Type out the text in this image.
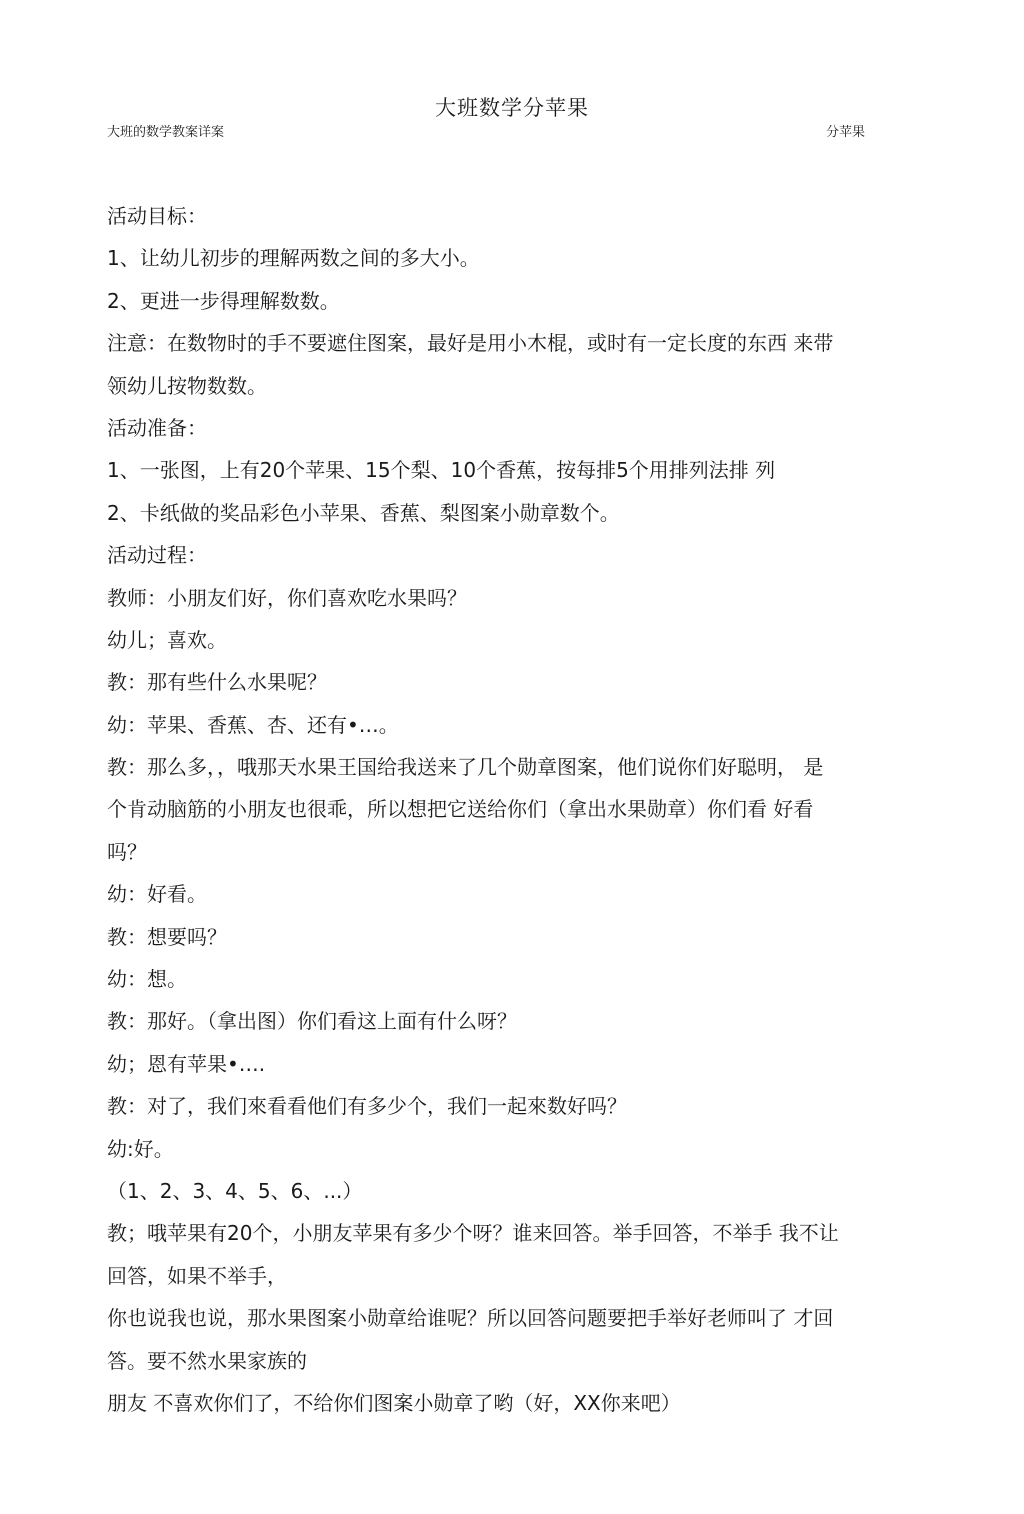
大班数学分苹果
大班的数学教案详案	分苹果
活动目标：
1、让幼儿初步的理解两数之间的多大小。
2、更进一步得理解数数。
注意：在数物时的手不要遮住图案，最好是用小木棍，或时有一定长度的东西 来带
领幼儿按物数数。
活动准备：
1、一张图，上有20个苹果、15个梨、10个香蕉，按每排5个用排列法排 列
2、卡纸做的奖品彩色小苹果、香蕉、梨图案小勋章数个。
活动过程：
教师：小朋友们好，你们喜欢吃水果吗？
幼儿；喜欢。
教：那有些什么水果呢？
幼：苹果、香蕉、杏、还有•…。
教：那么多，，哦那天水果王国给我送来了几个勋章图案，他们说你们好聪明， 是
个肯动脑筋的小朋友也很乖，所以想把它送给你们（拿出水果勋章）你们看 好看
吗？
幼：好看。
教：想要吗？
幼：想。
教：那好。（拿出图）你们看这上面有什么呀？
幼；恩有苹果•….
教：对了，我们來看看他们有多少个，我们一起來数好吗？
幼:好。
（1、2、3、4、5、6、...）
教；哦苹果有20个，小朋友苹果有多少个呀？谁来回答。举手回答，不举手 我不让
回答，如果不举手，
你也说我也说，那水果图案小勋章给谁呢？所以回答问题要把手举好老师叫了 才回
答。要不然水果家族的
朋友 不喜欢你们了，不给你们图案小勋章了哟（好，XX你来吧）
